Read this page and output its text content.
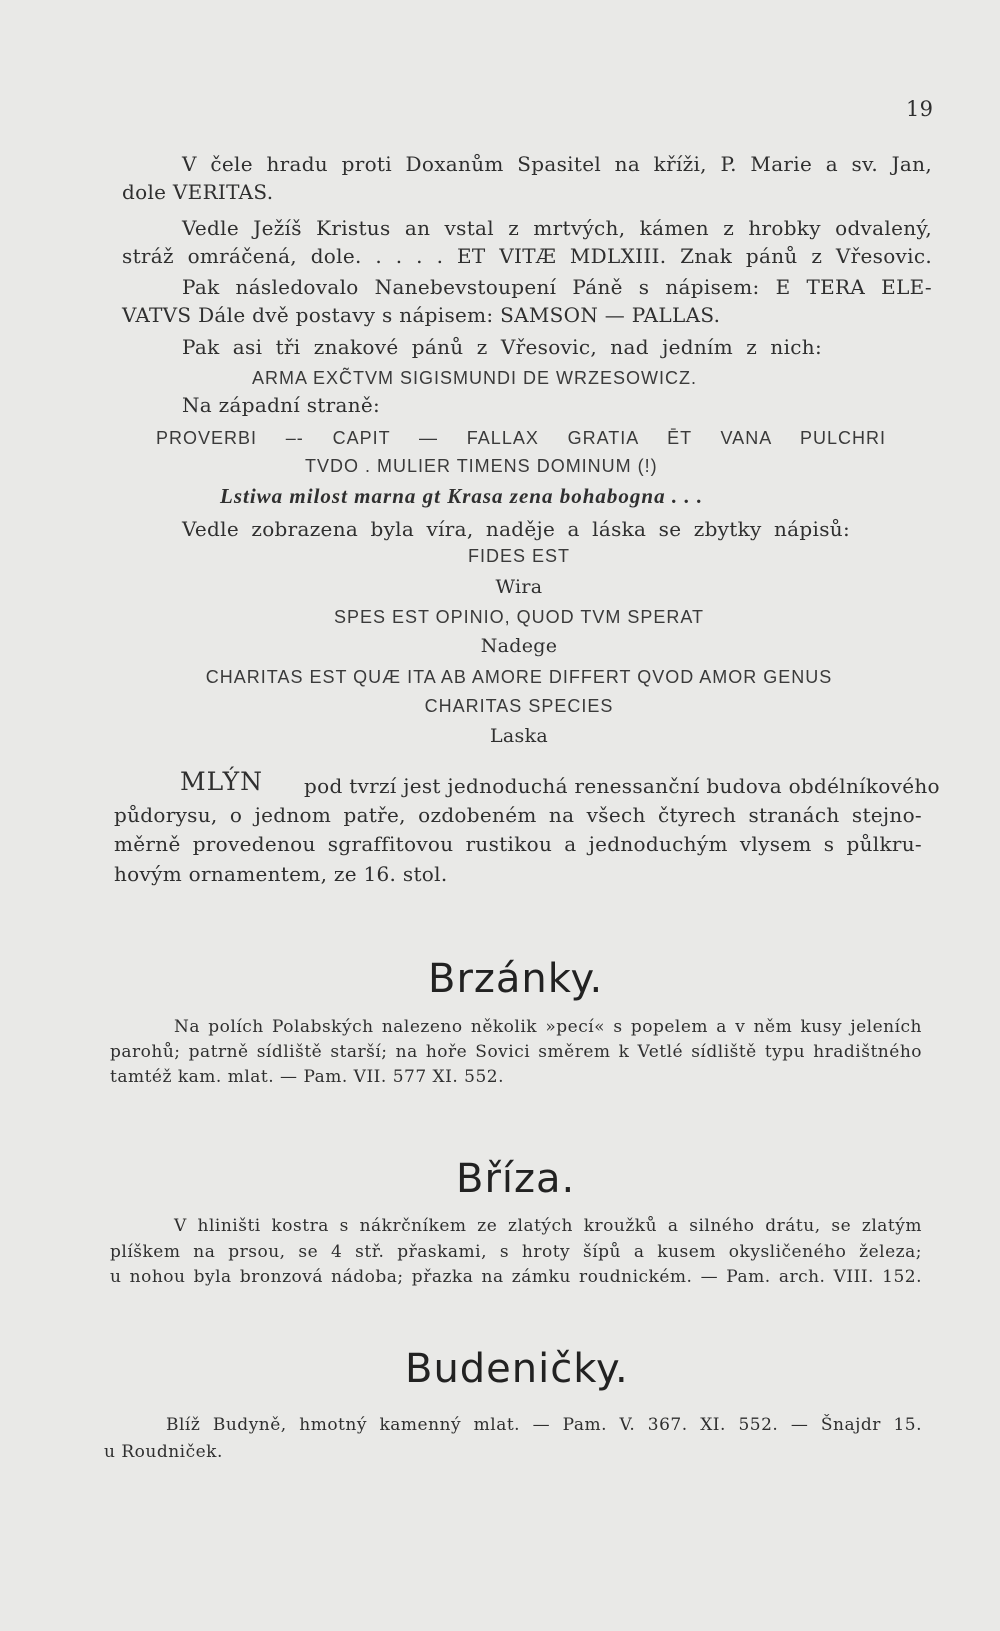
19
V čele hradu proti Doxanům Spasitel na kříži, P. Marie a sv. Jan,
dole VERITAS.
Vedle Ježíš Kristus an vstal z mrtvých, kámen z hrobky odvalený,
stráž omráčená, dole. . . . . ET VITÆ MDLXIII. Znak pánů z Vřesovic.
Pak následovalo Nanebevstoupení Páně s nápisem: E TERA ELE-
VATVS Dále dvě postavy s nápisem: SAMSON — PALLAS.
Pak asi tři znakové pánů z Vřesovic, nad jedním z nich:
ARMA EXC͂TVM SIGISMUNDI DE WRZESOWICZ.
Na západní straně:
PROVERBI –- CAPIT — FALLAX GRATIA ĒT VANA PULCHRI
TVDO . MULIER TIMENS DOMINUM (!)
Lstiwa milost marna gt Krasa zena bohabogna . . .
Vedle zobrazena byla víra, naděje a láska se zbytky nápisů:
FIDES EST
Wira
SPES EST OPINIO, QUOD TVM SPERAT
Nadege
CHARITAS EST QUÆ ITA AB AMORE DIFFERT QVOD AMOR GENUS
CHARITAS SPECIES
Laska
MLÝN pod tvrzí jest jednoduchá renessanční budova obdélníkového
půdorysu, o jednom patře, ozdobeném na všech čtyrech stranách stejno-
měrně provedenou sgraffitovou rustikou a jednoduchým vlysem s půlkru-
hovým ornamentem, ze 16. stol.
Brzánky.
Na polích Polabských nalezeno několik »pecí« s popelem a v něm kusy jeleních
parohů; patrně sídliště starší; na hoře Sovici směrem k Vetlé sídliště typu hradištného
tamtéž kam. mlat. — Pam. VII. 577 XI. 552.
Bříza.
V hliništi kostra s nákrčníkem ze zlatých kroužků a silného drátu, se zlatým
plíškem na prsou, se 4 stř. přaskami, s hroty šípů a kusem okysličeného železa;
u nohou byla bronzová nádoba; přazka na zámku roudnickém. — Pam. arch. VIII. 152.
Budeničky.
Blíž Budyně, hmotný kamenný mlat. — Pam. V. 367. XI. 552. — Šnajdr 15.
u Roudniček.
